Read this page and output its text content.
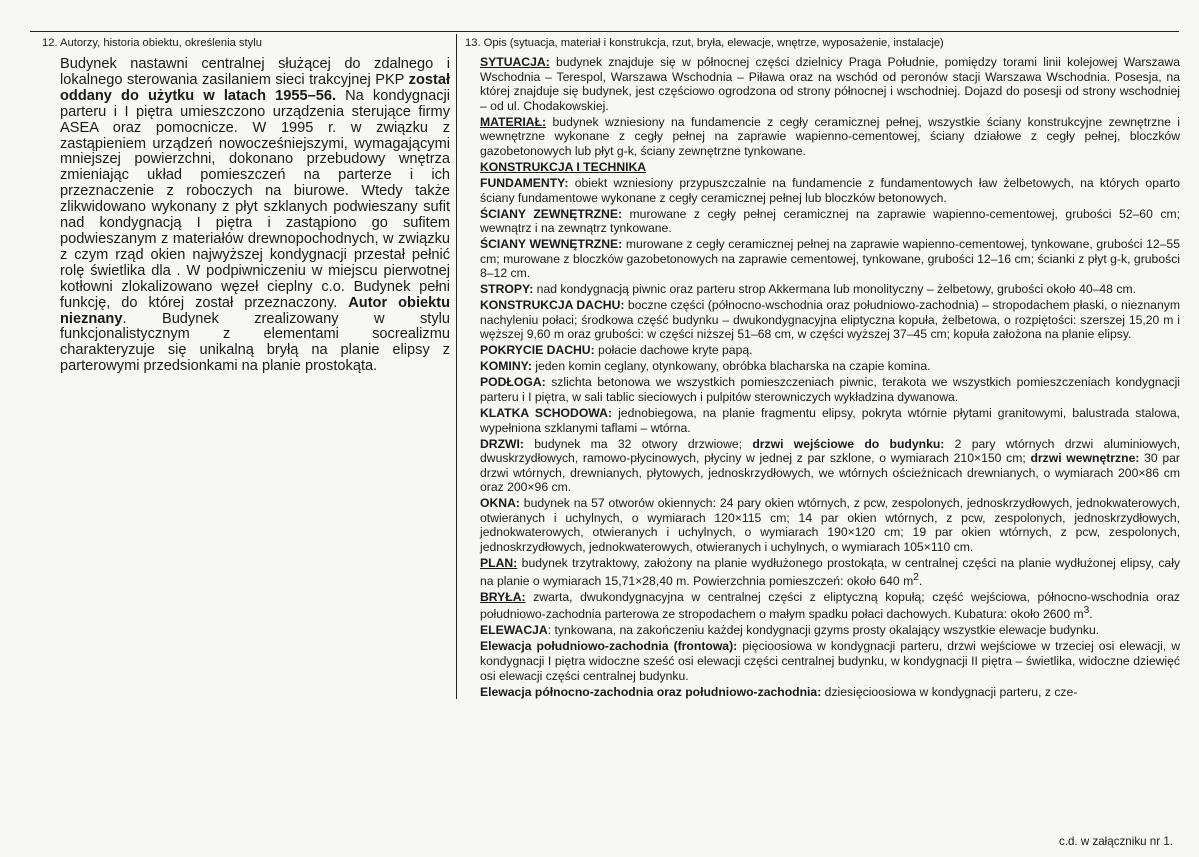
12. Autorzy, historia obiektu, określenia stylu
Budynek nastawni centralnej służącej do zdalnego i lokalnego sterowania zasilaniem sieci trakcyjnej PKP został oddany do użytku w latach 1955–56. Na kondygnacji parteru i I piętra umieszczono urządzenia sterujące firmy ASEA oraz pomocnicze. W 1995 r. w związku z zastąpieniem urządzeń nowocześniejszymi, wymagającymi mniejszej powierzchni, dokonano przebudowy wnętrza zmieniając układ pomieszczeń na parterze i ich przeznaczenie z roboczych na biurowe. Wtedy także zlikwidowano wykonany z płyt szklanych podwieszany sufit nad kondygnacją I piętra i zastąpiono go sufitem podwieszanym z materiałów drewnopochodnych, w związku z czym rząd okien najwyższej kondygnacji przestał pełnić rolę świetlika dla . W podpiwniczeniu w miejscu pierwotnej kotłowni zlokalizowano węzeł cieplny c.o. Budynek pełni funkcję, do której został przeznaczony. Autor obiektu nieznany. Budynek zrealizowany w stylu funkcjonalistycznym z elementami socrealizmu charakteryzuje się unikalną bryłą na planie elipsy z parterowymi przedsionkami na planie prostokąta.
13. Opis (sytuacja, materiał i konstrukcja, rzut, bryła, elewacje, wnętrze, wyposażenie, instalacje)

SYTUACJA: budynek znajduje się w północnej części dzielnicy Praga Południe, pomiędzy torami linii kolejowej Warszawa Wschodnia – Terespol, Warszawa Wschodnia – Piława oraz na wschód od peronów stacji Warszawa Wschodnia. Posesja, na której znajduje się budynek, jest częściowo ogrodzona od strony północnej i wschodniej. Dojazd do posesji od strony wschodniej – od ul. Chodakowskiej.

MATERIAŁ: budynek wzniesiony na fundamencie z cegły ceramicznej pełnej, wszystkie ściany konstrukcyjne zewnętrzne i wewnętrzne wykonane z cegły pełnej na zaprawie wapienno-cementowej, ściany działowe z cegły pełnej, bloczków gazobetonowych lub płyt g-k, ściany zewnętrzne tynkowane.

KONSTRUKCJA I TECHNIKA

FUNDAMENTY: obiekt wzniesiony przypuszczalnie na fundamencie z fundamentowych ław żelbetowych, na których oparto ściany fundamentowe wykonane z cegły ceramicznej pełnej lub bloczków betonowych.

ŚCIANY ZEWNĘTRZNE: murowane z cegły pełnej ceramicznej na zaprawie wapienno-cementowej, grubości 52–60 cm; wewnątrz i na zewnątrz tynkowane.

ŚCIANY WEWNĘTRZNE: murowane z cegły ceramicznej pełnej na zaprawie wapienno-cementowej, tynkowane, grubości 12–55 cm; murowane z bloczków gazobetonowych na zaprawie cementowej, tynkowane, grubości 12–16 cm; ścianki z płyt g-k, grubości 8–12 cm.

STROPY: nad kondygnacją piwnic oraz parteru strop Akkermana lub monolityczny – żelbetowy, grubości około 40–48 cm.

KONSTRUKCJA DACHU: boczne części (północno-wschodnia oraz południowo-zachodnia) – stropodachem płaski, o nieznanym nachyleniu połaci; środkowa część budynku – dwukondygnacyjna eliptyczna kopuła, żelbetowa, o rozpiętości: szerszej 15,20 m i węższej 9,60 m oraz grubości: w części niższej 51–68 cm, w części wyższej 37–45 cm; kopuła założona na planie elipsy.

POKRYCIE DACHU: połacie dachowe kryte papą.

KOMINY: jeden komin ceglany, otynkowany, obróbka blacharska na czapie komina.

PODŁOGA: szlichta betonowa we wszystkich pomieszczeniach piwnic, terakota we wszystkich pomieszczeniach kondygnacji parteru i I piętra, w sali tablic sieciowych i pulpitów sterowniczych wykładzina dywanowa.

KLATKA SCHODOWA: jednobiegowa, na planie fragmentu elipsy, pokryta wtórnie płytami granitowymi, balustrada stalowa, wypełniona szklanymi taflami – wtórna.

DRZWI: budynek ma 32 otwory drzwiowe; drzwi wejściowe do budynku: 2 pary wtórnych drzwi aluminiowych, dwuskrzydłowych, ramowo-płycinowych, płyciny w jednej z par szklone, o wymiarach 210×150 cm; drzwi wewnętrzne: 30 par drzwi wtórnych, drewnianych, płytowych, jednoskrzydłowych, we wtórnych ościeżnicach drewnianych, o wymiarach 200×86 cm oraz 200×96 cm.

OKNA: budynek na 57 otworów okiennych: 24 pary okien wtórnych, z pcw, zespolonych, jednoskrzydłowych, jednokwaterowych, otwieranych i uchylnych, o wymiarach 120×115 cm; 14 par okien wtórnych, z pcw, zespolonych, jednoskrzydłowych, jednokwaterowych, otwieranych i uchylnych, o wymiarach 190×120 cm; 19 par okien wtórnych, z pcw, zespolonych, jednoskrzydłowych, jednokwaterowych, otwieranych i uchylnych, o wymiarach 105×110 cm.

PLAN: budynek trzytraktowy, założony na planie wydłużonego prostokąta, w centralnej części na planie wydłużonej elipsy, cały na planie o wymiarach 15,71×28,40 m. Powierzchnia pomieszczeń: około 640 $m^2$.

BRYŁA: zwarta, dwukondygnacyjna w centralnej części z eliptyczną kopułą; część wejściowa, północno-wschodnia oraz południowo-zachodnia parterowa ze stropodachem o małym spadku połaci dachowych. Kubatura: około 2600 $m^3$.

ELEWACJA: tynkowana, na zakończeniu każdej kondygnacji gzyms prosty okalający wszystkie elewacje budynku.

Elewacja południowo-zachodnia (frontowa): pięcioosiowa w kondygnacji parteru, drzwi wejściowe w trzeciej osi elewacji, w kondygnacji I piętra widoczne sześć osi elewacji części centralnej budynku, w kondygnacji II piętra – świetlika, widoczne dziewięć osi elewacji części centralnej budynku.

Elewacja północno-zachodnia oraz południowo-zachodnia: dziesięcioosiowa w kondygnacji parteru, z cze-

c.d. w załączniku nr 1.
